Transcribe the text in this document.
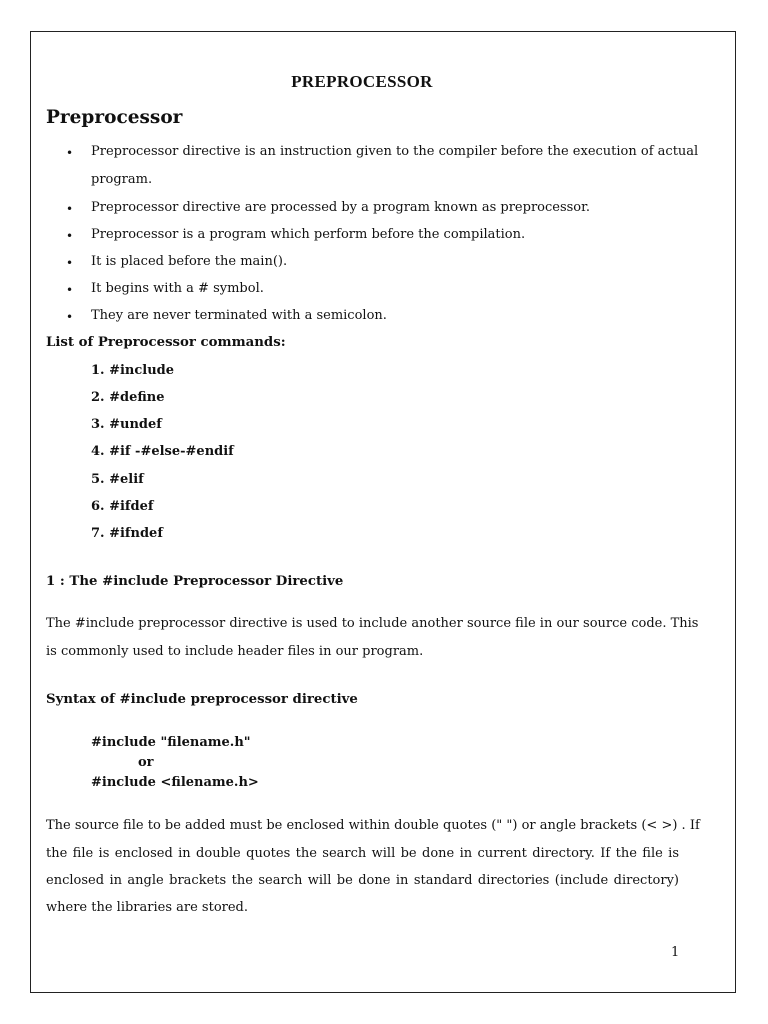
PREPROCESSOR
Preprocessor
• Preprocessor directive is an instruction given to the compiler before the execution of actual
program.
• Preprocessor directive are processed by a program known as preprocessor.
• Preprocessor is a program which perform before the compilation.
• It is placed before the main().
• It begins with a # symbol.
• They are never terminated with a semicolon.
List of Preprocessor commands:
1. #include
2. #define
3. #undef
4. #if -#else-#endif
5. #elif
6. #ifdef
7. #ifndef
1 : The #include Preprocessor Directive
The #include preprocessor directive is used to include another source file in our source code. This
is commonly used to include header files in our program.
Syntax of #include preprocessor directive
#include "filename.h"
or
#include <filename.h>
The source file to be added must be enclosed within double quotes (" ") or angle brackets (< >) . If
the file is enclosed in double quotes the search will be done in current directory. If the file is
enclosed in angle brackets the search will be done in standard directories (include directory)
where the libraries are stored.
1
